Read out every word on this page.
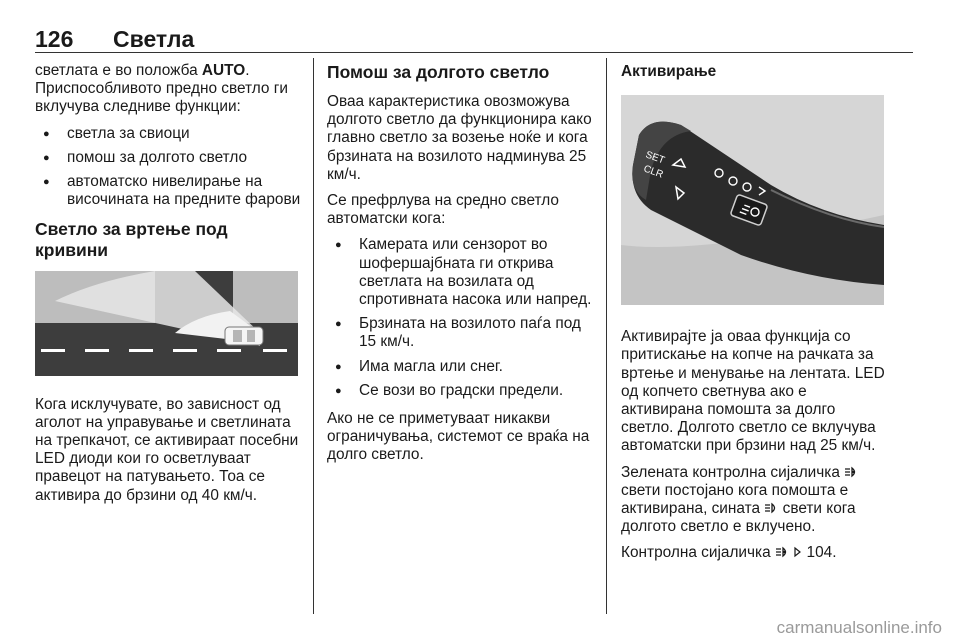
126 Светла

светлата е во положба AUTO. Приспособливото предно светло ги вклучува следниве функции:

● светла за свиоци
● помош за долгото светло
● автоматско нивелирање на височината на предните фарови
Светло за вртење под кривини

Кога исклучувате, во зависност од аголот на управувањe и светлината на трепкачот, се активираат посебни LED диоди кои го осветлуваат правецот на патувањето. Тоа се активира до брзини од 40 км/ч.

Помош за долгото светло

Оваа карактеристика овозможува долгото светло да функционира како главно светло за возење ноќе и кога брзината на возилото надминува 25 км/ч.

Се префрлува на средно светло автоматски кога:

● Камерата или сензорот во шофершајбната ги открива светлата на возилата од спротивната насока или напред.
● Брзината на возилото паѓа под 15 км/ч.
● Има магла или снег.
● Се вози во градски предели.

Ако не се приметуваат никакви ограничувања, системот се враќа на долго светло.

Активирање
SET
CLR

Активирајте ја оваа функција со притискање на копче на рачката за вртење и менување на лентата. LED од копчето светнува ако е активирана помошта за долго светло. Долгото светло се вклучува автоматски при брзини над 25 км/ч.

Зелената контролна сијаличка  свети постојано кога помошта е активирана, сината свети кога долгото светло е вклучено.

Контролна сијаличка 104.

carmanualsonline.info
